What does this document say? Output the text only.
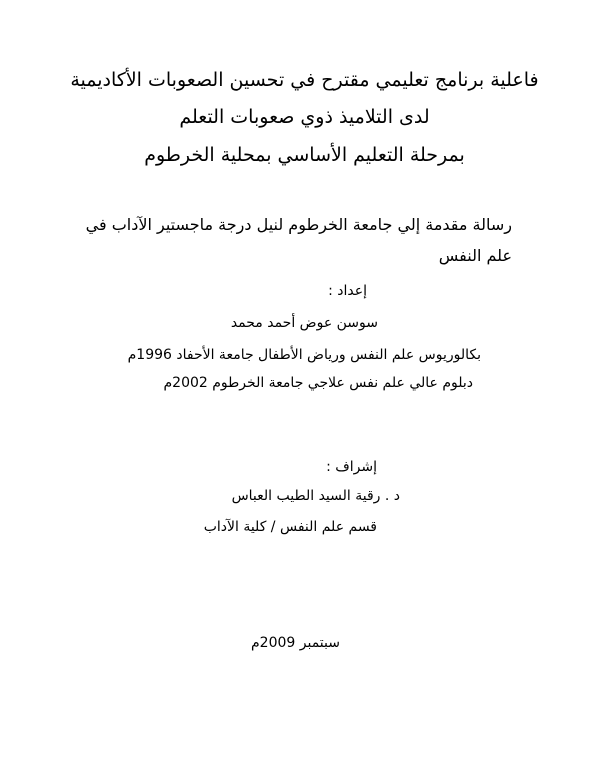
فاعلية برنامج تعليمي مقترح في تحسين الصعوبات الأكاديمية

لدى التلاميذ ذوي صعوبات التعلم

بمرحلة التعليم الأساسي بمحلية الخرطوم

رسالة مقدمة إلي جامعة الخرطوم لنيل درجة ماجستير الآداب في

علم النفس

إعداد :

سوسن عوض أحمد محمد

بكالوريوس علم النفس ورياض الأطفال جامعة الأحفاد 1996م

دبلوم عالي علم نفس علاجي جامعة الخرطوم 2002م

إشراف :

د . رقية السيد الطيب العباس

قسم علم النفس / كلية الآداب

سبتمبر 2009م
